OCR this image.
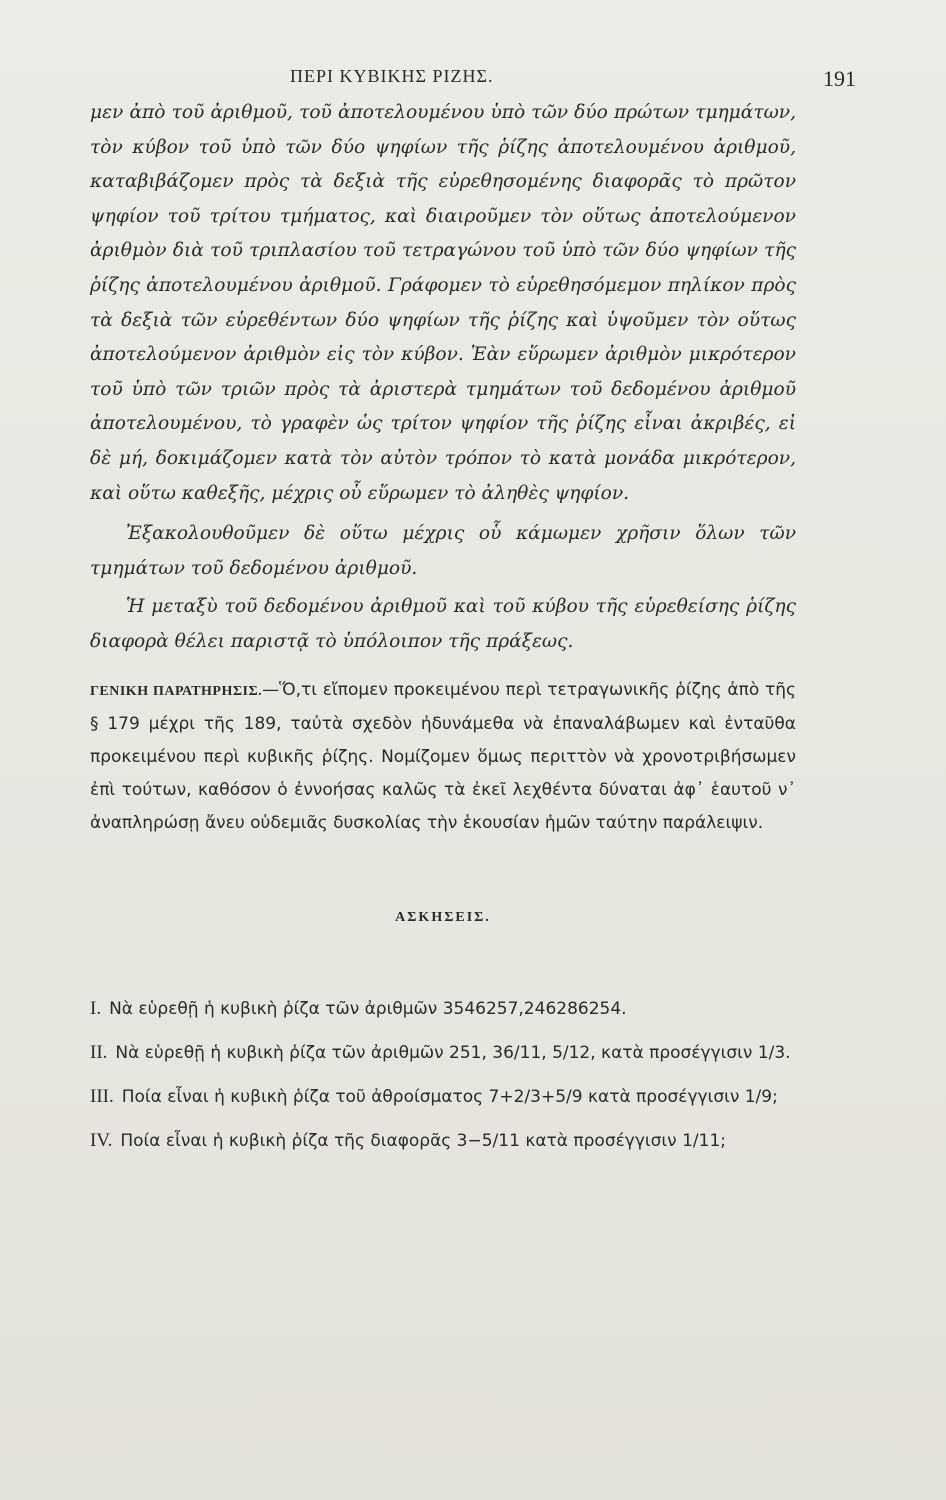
ΠΕΡΙ ΚΥΒΙΚΗΣ ΡΙΖΗΣ.	191

μεν ἀπὸ τοῦ ἀριθμοῦ, τοῦ ἀποτελουμένου ὑπὸ τῶν δύο πρώτων τμημάτων, τὸν κύβον τοῦ ὑπὸ τῶν δύο ψηφίων τῆς ῥίζης ἀποτελουμένου ἀριθμοῦ, καταβιβάζομεν πρὸς τὰ δεξιὰ τῆς εὑρεθησομένης διαφορᾶς τὸ πρῶτον ψηφίον τοῦ τρίτου τμήματος, καὶ διαιροῦμεν τὸν οὕτως ἀποτελούμενον ἀριθμὸν διὰ τοῦ τριπλασίου τοῦ τετραγώνου τοῦ ὑπὸ τῶν δύο ψηφίων τῆς ῥίζης ἀποτελουμένου ἀριθμοῦ. Γράφομεν τὸ εὑρεθησόμεμον πηλίκον πρὸς τὰ δεξιὰ τῶν εὑρεθέντων δύο ψηφίων τῆς ῥίζης καὶ ὑψοῦμεν τὸν οὕτως ἀποτελούμενον ἀριθμὸν εἰς τὸν κύβον. Ἐὰν εὕρωμεν ἀριθμὸν μικρότερον τοῦ ὑπὸ τῶν τριῶν πρὸς τὰ ἀριστερὰ τμημάτων τοῦ δεδομένου ἀριθμοῦ ἀποτελουμένου, τὸ γραφὲν ὡς τρίτον ψηφίον τῆς ῥίζης εἶναι ἀκριβές, εἰ δὲ μή, δοκιμάζομεν κατὰ τὸν αὐτὸν τρόπον τὸ κατὰ μονάδα μικρότερον, καὶ οὕτω καθεξῆς, μέχρις οὗ εὕρωμεν τὸ ἀληθὲς ψηφίον.

Ἐξακολουθοῦμεν δὲ οὕτω μέχρις οὗ κάμωμεν χρῆσιν ὅλων τῶν τμημάτων τοῦ δεδομένου ἀριθμοῦ.

Ἡ μεταξὺ τοῦ δεδομένου ἀριθμοῦ καὶ τοῦ κύβου τῆς εὑρεθείσης ῥίζης διαφορὰ θέλει παριστᾷ τὸ ὑπόλοιπον τῆς πράξεως.

ΓΕΝΙΚΗ ΠΑΡΑΤΗΡΗΣΙΣ.—Ὅ,τι εἴπομεν προκειμένου περὶ τετραγωνικῆς ῥίζης ἀπὸ τῆς § 179 μέχρι τῆς 189, ταὐτὰ σχεδὸν ἠδυνάμεθα νὰ ἐπαναλάβωμεν καὶ ἐνταῦθα προκειμένου περὶ κυβικῆς ῥίζης. Νομίζομεν ὅμως περιττὸν νὰ χρονοτριβήσωμεν ἐπὶ τούτων, καθόσον ὁ ἐννοήσας καλῶς τὰ ἐκεῖ λεχθέντα δύναται ἀφ᾽ ἑαυτοῦ ν᾽ ἀναπληρώσῃ ἄνευ οὐδεμιᾶς δυσκολίας τὴν ἑκουσίαν ἡμῶν ταύτην παράλειψιν.

ΑΣΚΗΣΕΙΣ.

I. Νὰ εὑρεθῇ ἡ κυβικὴ ῥίζα τῶν ἀριθμῶν 3546257,246286254.

II. Νὰ εὑρεθῇ ἡ κυβικὴ ῥίζα τῶν ἀριθμῶν 251, 36/11, 5/12, κατὰ προσέγγισιν 1/3.

III. Ποία εἶναι ἡ κυβικὴ ῥίζα τοῦ ἀθροίσματος 7+2/3+5/9 κατὰ προσέγγισιν 1/9;

IV. Ποία εἶναι ἡ κυβικὴ ῥίζα τῆς διαφορᾶς 3−5/11 κατὰ προσέγγισιν 1/11;
